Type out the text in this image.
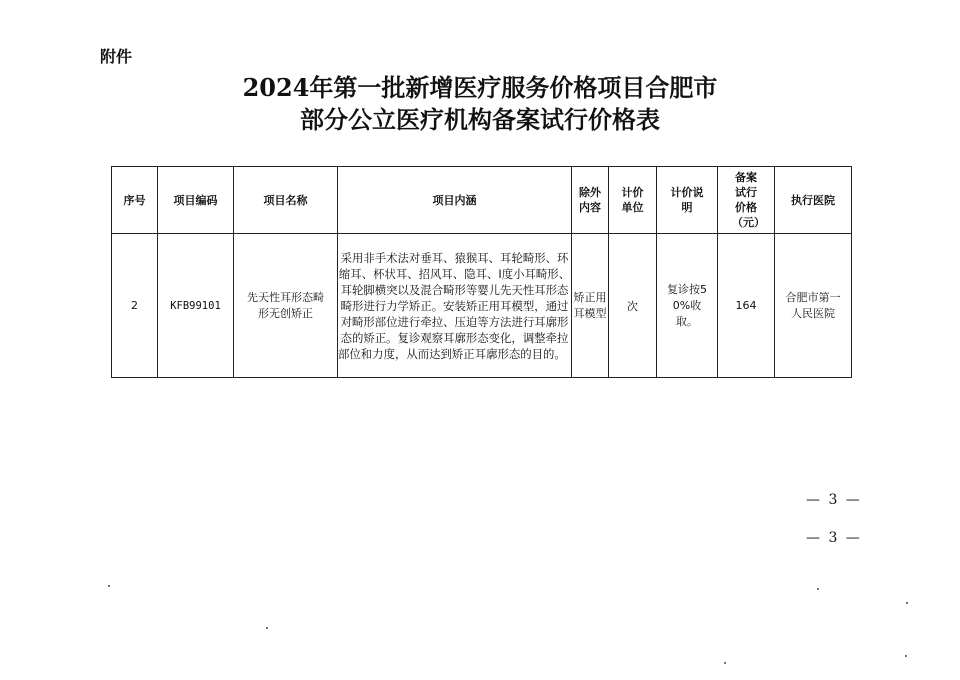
附件
2024年第一批新增医疗服务价格项目合肥市
部分公立医疗机构备案试行价格表
序号	项目编码	项目名称	项目内涵	除外内容	计价单位	计价说明	备案试行价格（元）	执行医院
2	KFB99101	先天性耳形态畸形无创矫正	采用非手术法对垂耳、猿猴耳、耳轮畸形、环缩耳、杯状耳、招风耳、隐耳、I度小耳畸形、耳轮脚横突以及混合畸形等婴儿先天性耳形态畸形进行力学矫正。安装矫正用耳模型，通过对畸形部位进行牵拉、压迫等方法进行耳廓形态的矫正。复诊观察耳廓形态变化，调整牵拉部位和力度，从而达到矫正耳廓形态的目的。	矫正用耳模型	次	复诊按50%收取。	164	合肥市第一人民医院
— 3 —
— 3 —
